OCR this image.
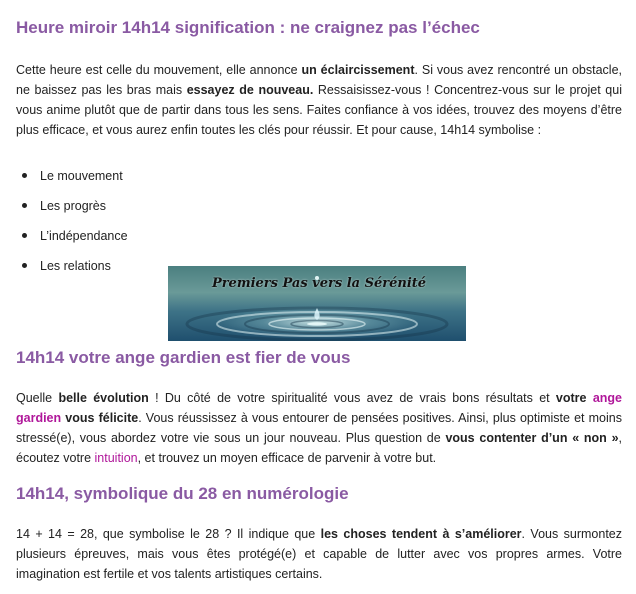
Heure miroir 14h14 signification : ne craignez pas l’échec

Cette heure est celle du mouvement, elle annonce un éclaircissement. Si vous avez rencontré un obstacle, ne baissez pas les bras mais essayez de nouveau. Ressaisissez-vous ! Concentrez-vous sur le projet qui vous anime plutôt que de partir dans tous les sens. Faites confiance à vos idées, trouvez des moyens d’être plus efficace, et vous aurez enfin toutes les clés pour réussir. Et pour cause, 14h14 symbolise :

Le mouvement
Les progrès
L’indépendance
Les relations
Premiers Pas vers la Sérénité
14h14 votre ange gardien est fier de vous

Quelle belle évolution ! Du côté de votre spiritualité vous avez de vrais bons résultats et votre ange gardien vous félicite. Vous réussissez à vous entourer de pensées positives. Ainsi, plus optimiste et moins stressé(e), vous abordez votre vie sous un jour nouveau. Plus question de vous contenter d’un « non », écoutez votre intuition, et trouvez un moyen efficace de parvenir à votre but.

14h14, symbolique du 28 en numérologie

14 + 14 = 28, que symbolise le 28 ? Il indique que les choses tendent à s’améliorer. Vous surmontez plusieurs épreuves, mais vous êtes protégé(e) et capable de lutter avec vos propres armes. Votre imagination est fertile et vos talents artistiques certains.
